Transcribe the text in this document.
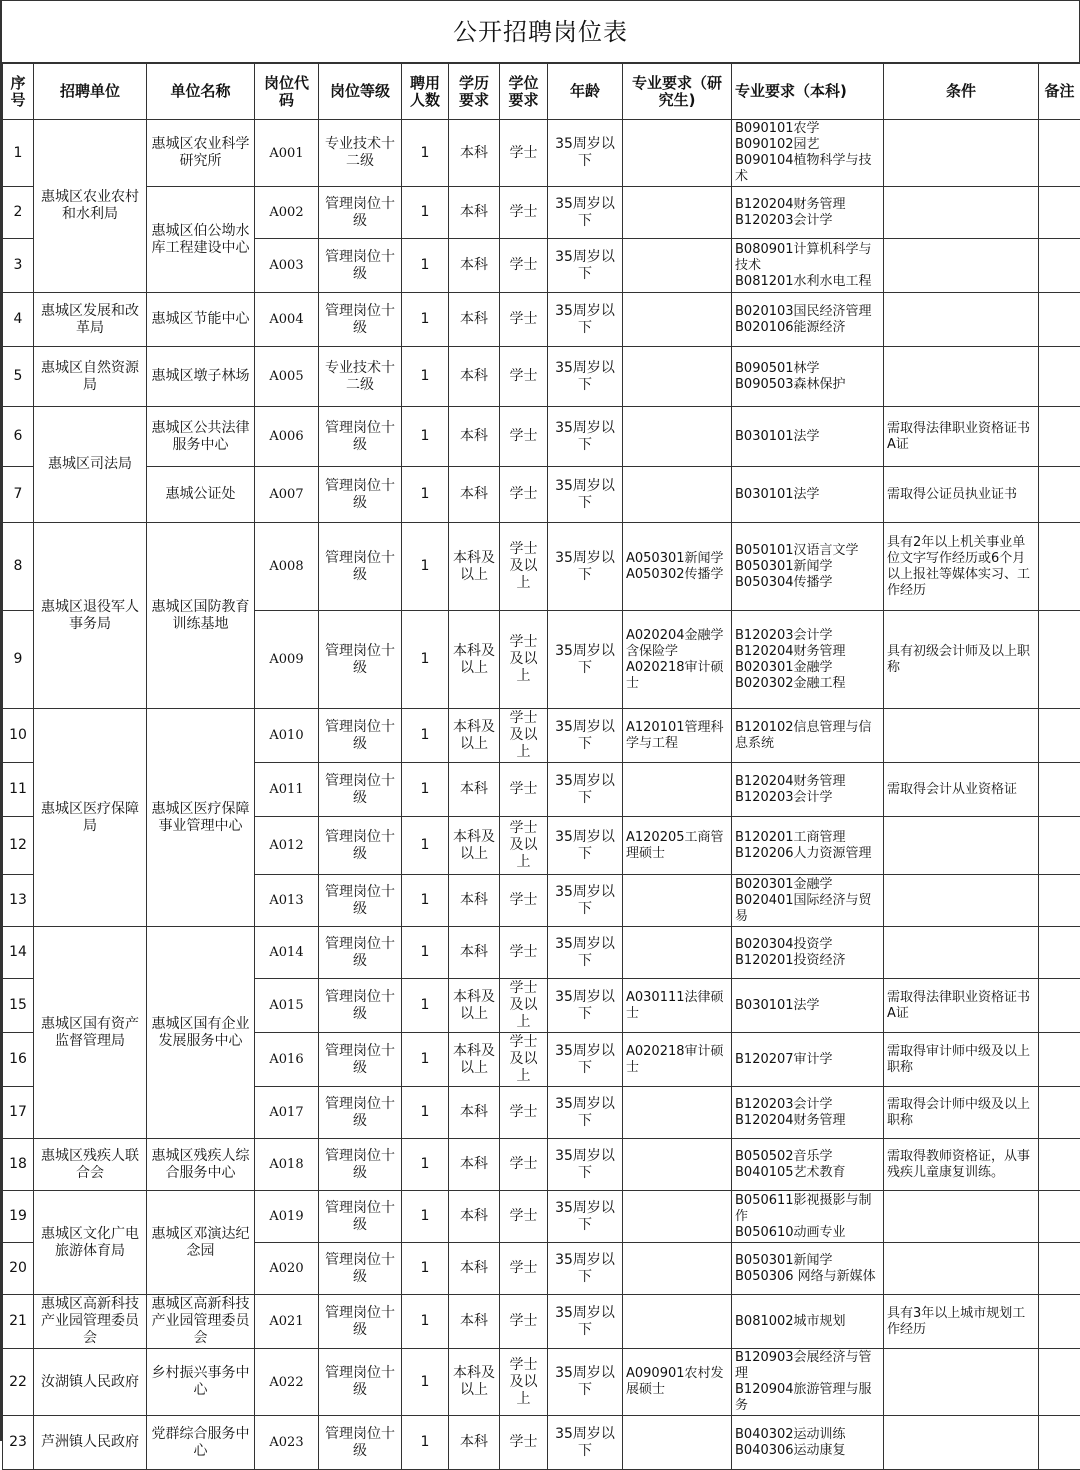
公开招聘岗位表
序号	招聘单位	单位名称	岗位代码	岗位等级	聘用人数	学历要求	学位要求	年龄	专业要求（研究生)	专业要求（本科)	条件	备注
1	惠城区农业农村和水利局	惠城区农业科学研究所	A001	专业技术十二级	1	本科	学士	35周岁以下		B090101农学
B090102园艺
B090104植物科学与技术		
2		惠城区伯公坳水库工程建设中心	A002	管理岗位十级	1	本科	学士	35周岁以下		B120204财务管理
B120203会计学		
3			A003	管理岗位十级	1	本科	学士	35周岁以下		B080901计算机科学与技术
B081201水利水电工程		
4	惠城区发展和改革局	惠城区节能中心	A004	管理岗位十级	1	本科	学士	35周岁以下		B020103国民经济管理
B020106能源经济		
5	惠城区自然资源局	惠城区墩子林场	A005	专业技术十二级	1	本科	学士	35周岁以下		B090501林学
B090503森林保护		
6	惠城区司法局	惠城区公共法律服务中心	A006	管理岗位十级	1	本科	学士	35周岁以下		B030101法学	需取得法律职业资格证书A证	
7		惠城公证处	A007	管理岗位十级	1	本科	学士	35周岁以下		B030101法学	需取得公证员执业证书	
8	惠城区退役军人事务局	惠城区国防教育训练基地	A008	管理岗位十级	1	本科及以上	学士及以上	35周岁以下	A050301新闻学
A050302传播学	B050101汉语言文学
B050301新闻学
B050304传播学	具有2年以上机关事业单位文字写作经历或6个月以上报社等媒体实习、工作经历	
9			A009	管理岗位十级	1	本科及以上	学士及以上	35周岁以下	A020204金融学含保险学
A020218审计硕士	B120203会计学
B120204财务管理
B020301金融学
B020302金融工程	具有初级会计师及以上职称	
10	惠城区医疗保障局	惠城区医疗保障事业管理中心	A010	管理岗位十级	1	本科及以上	学士及以上	35周岁以下	A120101管理科学与工程	B120102信息管理与信息系统		
11			A011	管理岗位十级	1	本科	学士	35周岁以下		B120204财务管理
B120203会计学	需取得会计从业资格证	
12			A012	管理岗位十级	1	本科及以上	学士及以上	35周岁以下	A120205工商管理硕士	B120201工商管理
B120206人力资源管理		
13			A013	管理岗位十级	1	本科	学士	35周岁以下		B020301金融学
B020401国际经济与贸易		
14	惠城区国有资产监督管理局	惠城区国有企业发展服务中心	A014	管理岗位十级	1	本科	学士	35周岁以下		B020304投资学
B120201投资经济		
15			A015	管理岗位十级	1	本科及以上	学士及以上	35周岁以下	A030111法律硕士	B030101法学	需取得法律职业资格证书A证	
16			A016	管理岗位十级	1	本科及以上	学士及以上	35周岁以下	A020218审计硕士	B120207审计学	需取得审计师中级及以上职称	
17			A017	管理岗位十级	1	本科	学士	35周岁以下		B120203会计学
B120204财务管理	需取得会计师中级及以上职称	
18	惠城区残疾人联合会	惠城区残疾人综合服务中心	A018	管理岗位十级	1	本科	学士	35周岁以下		B050502音乐学
B040105艺术教育	需取得教师资格证，从事残疾儿童康复训练。	
19	惠城区文化广电旅游体育局	惠城区邓演达纪念园	A019	管理岗位十级	1	本科	学士	35周岁以下		B050611影视摄影与制作
B050610动画专业		
20			A020	管理岗位十级	1	本科	学士	35周岁以下		B050301新闻学
B050306 网络与新媒体		
21	惠城区高新科技产业园管理委员会	惠城区高新科技产业园管理委员会	A021	管理岗位十级	1	本科	学士	35周岁以下		B081002城市规划	具有3年以上城市规划工作经历	
22	汝湖镇人民政府	乡村振兴事务中心	A022	管理岗位十级	1	本科及以上	学士及以上	35周岁以下	A090901农村发展硕士	B120903会展经济与管理
B120904旅游管理与服务		
23	芦洲镇人民政府	党群综合服务中心	A023	管理岗位十级	1	本科	学士	35周岁以下		B040302运动训练
B040306运动康复		
